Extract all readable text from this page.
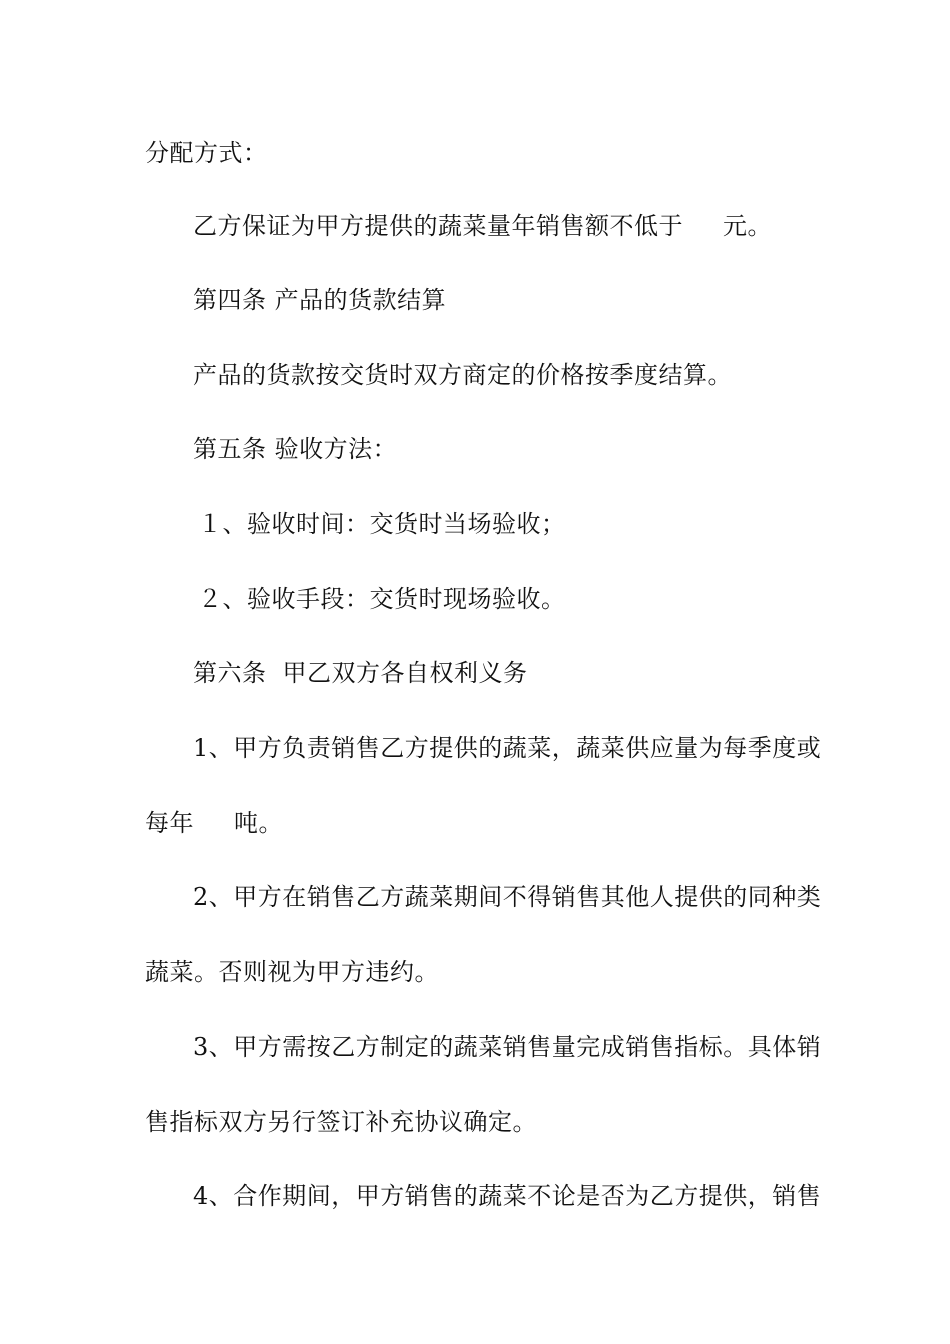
分配方式：
乙方保证为甲方提供的蔬菜量年销售额不低于 元。
第四条 产品的货款结算
产品的货款按交货时双方商定的价格按季度结算。
第五条 验收方法：
１、验收时间：交货时当场验收；
２、验收手段：交货时现场验收。
第六条 甲乙双方各自权利义务
1、甲方负责销售乙方提供的蔬菜，蔬菜供应量为每季度或
每年 吨。
2、甲方在销售乙方蔬菜期间不得销售其他人提供的同种类
蔬菜。否则视为甲方违约。
3、甲方需按乙方制定的蔬菜销售量完成销售指标。具体销
售指标双方另行签订补充协议确定。
4、合作期间，甲方销售的蔬菜不论是否为乙方提供，销售
